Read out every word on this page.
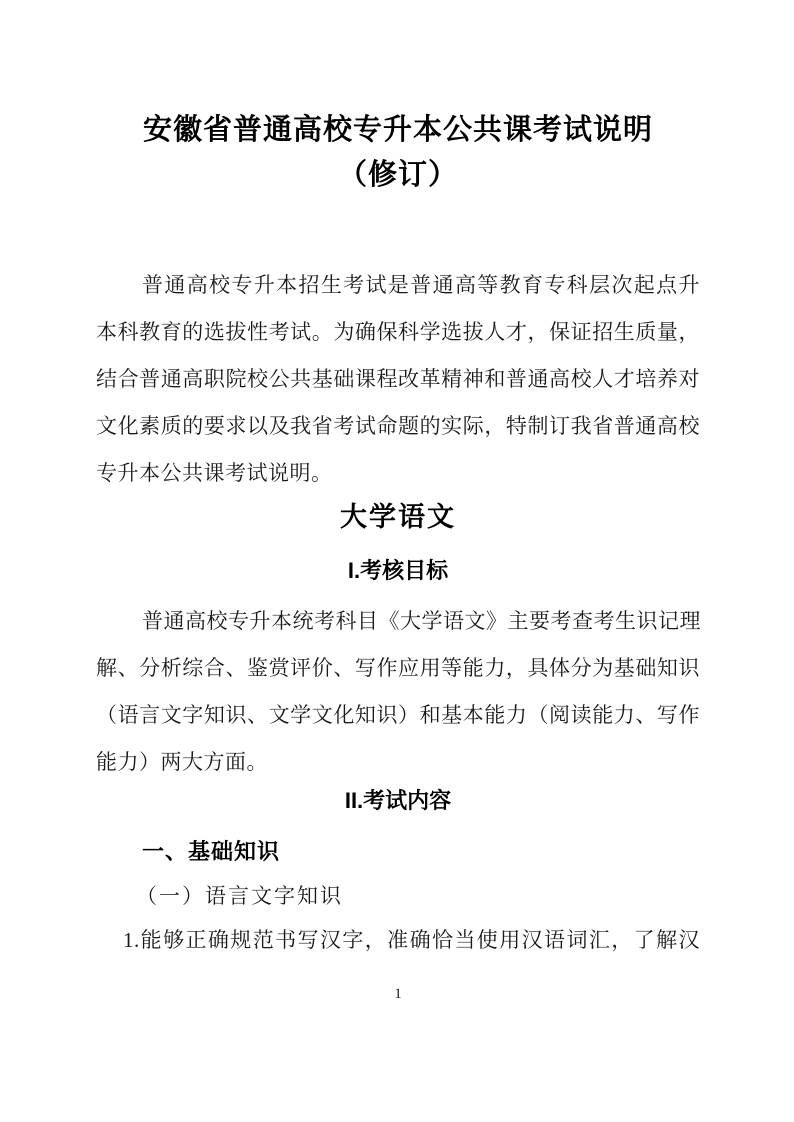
安徽省普通高校专升本公共课考试说明
（修订）
普通高校专升本招生考试是普通高等教育专科层次起点升
本科教育的选拔性考试。为确保科学选拔人才，保证招生质量，
结合普通高职院校公共基础课程改革精神和普通高校人才培养对
文化素质的要求以及我省考试命题的实际，特制订我省普通高校
专升本公共课考试说明。
大学语文
I.考核目标
普通高校专升本统考科目《大学语文》主要考查考生识记理
解、分析综合、鉴赏评价、写作应用等能力，具体分为基础知识
（语言文字知识、文学文化知识）和基本能力（阅读能力、写作
能力）两大方面。
II.考试内容
一、基础知识
（一）语言文字知识
1.能够正确规范书写汉字，准确恰当使用汉语词汇，了解汉
1
